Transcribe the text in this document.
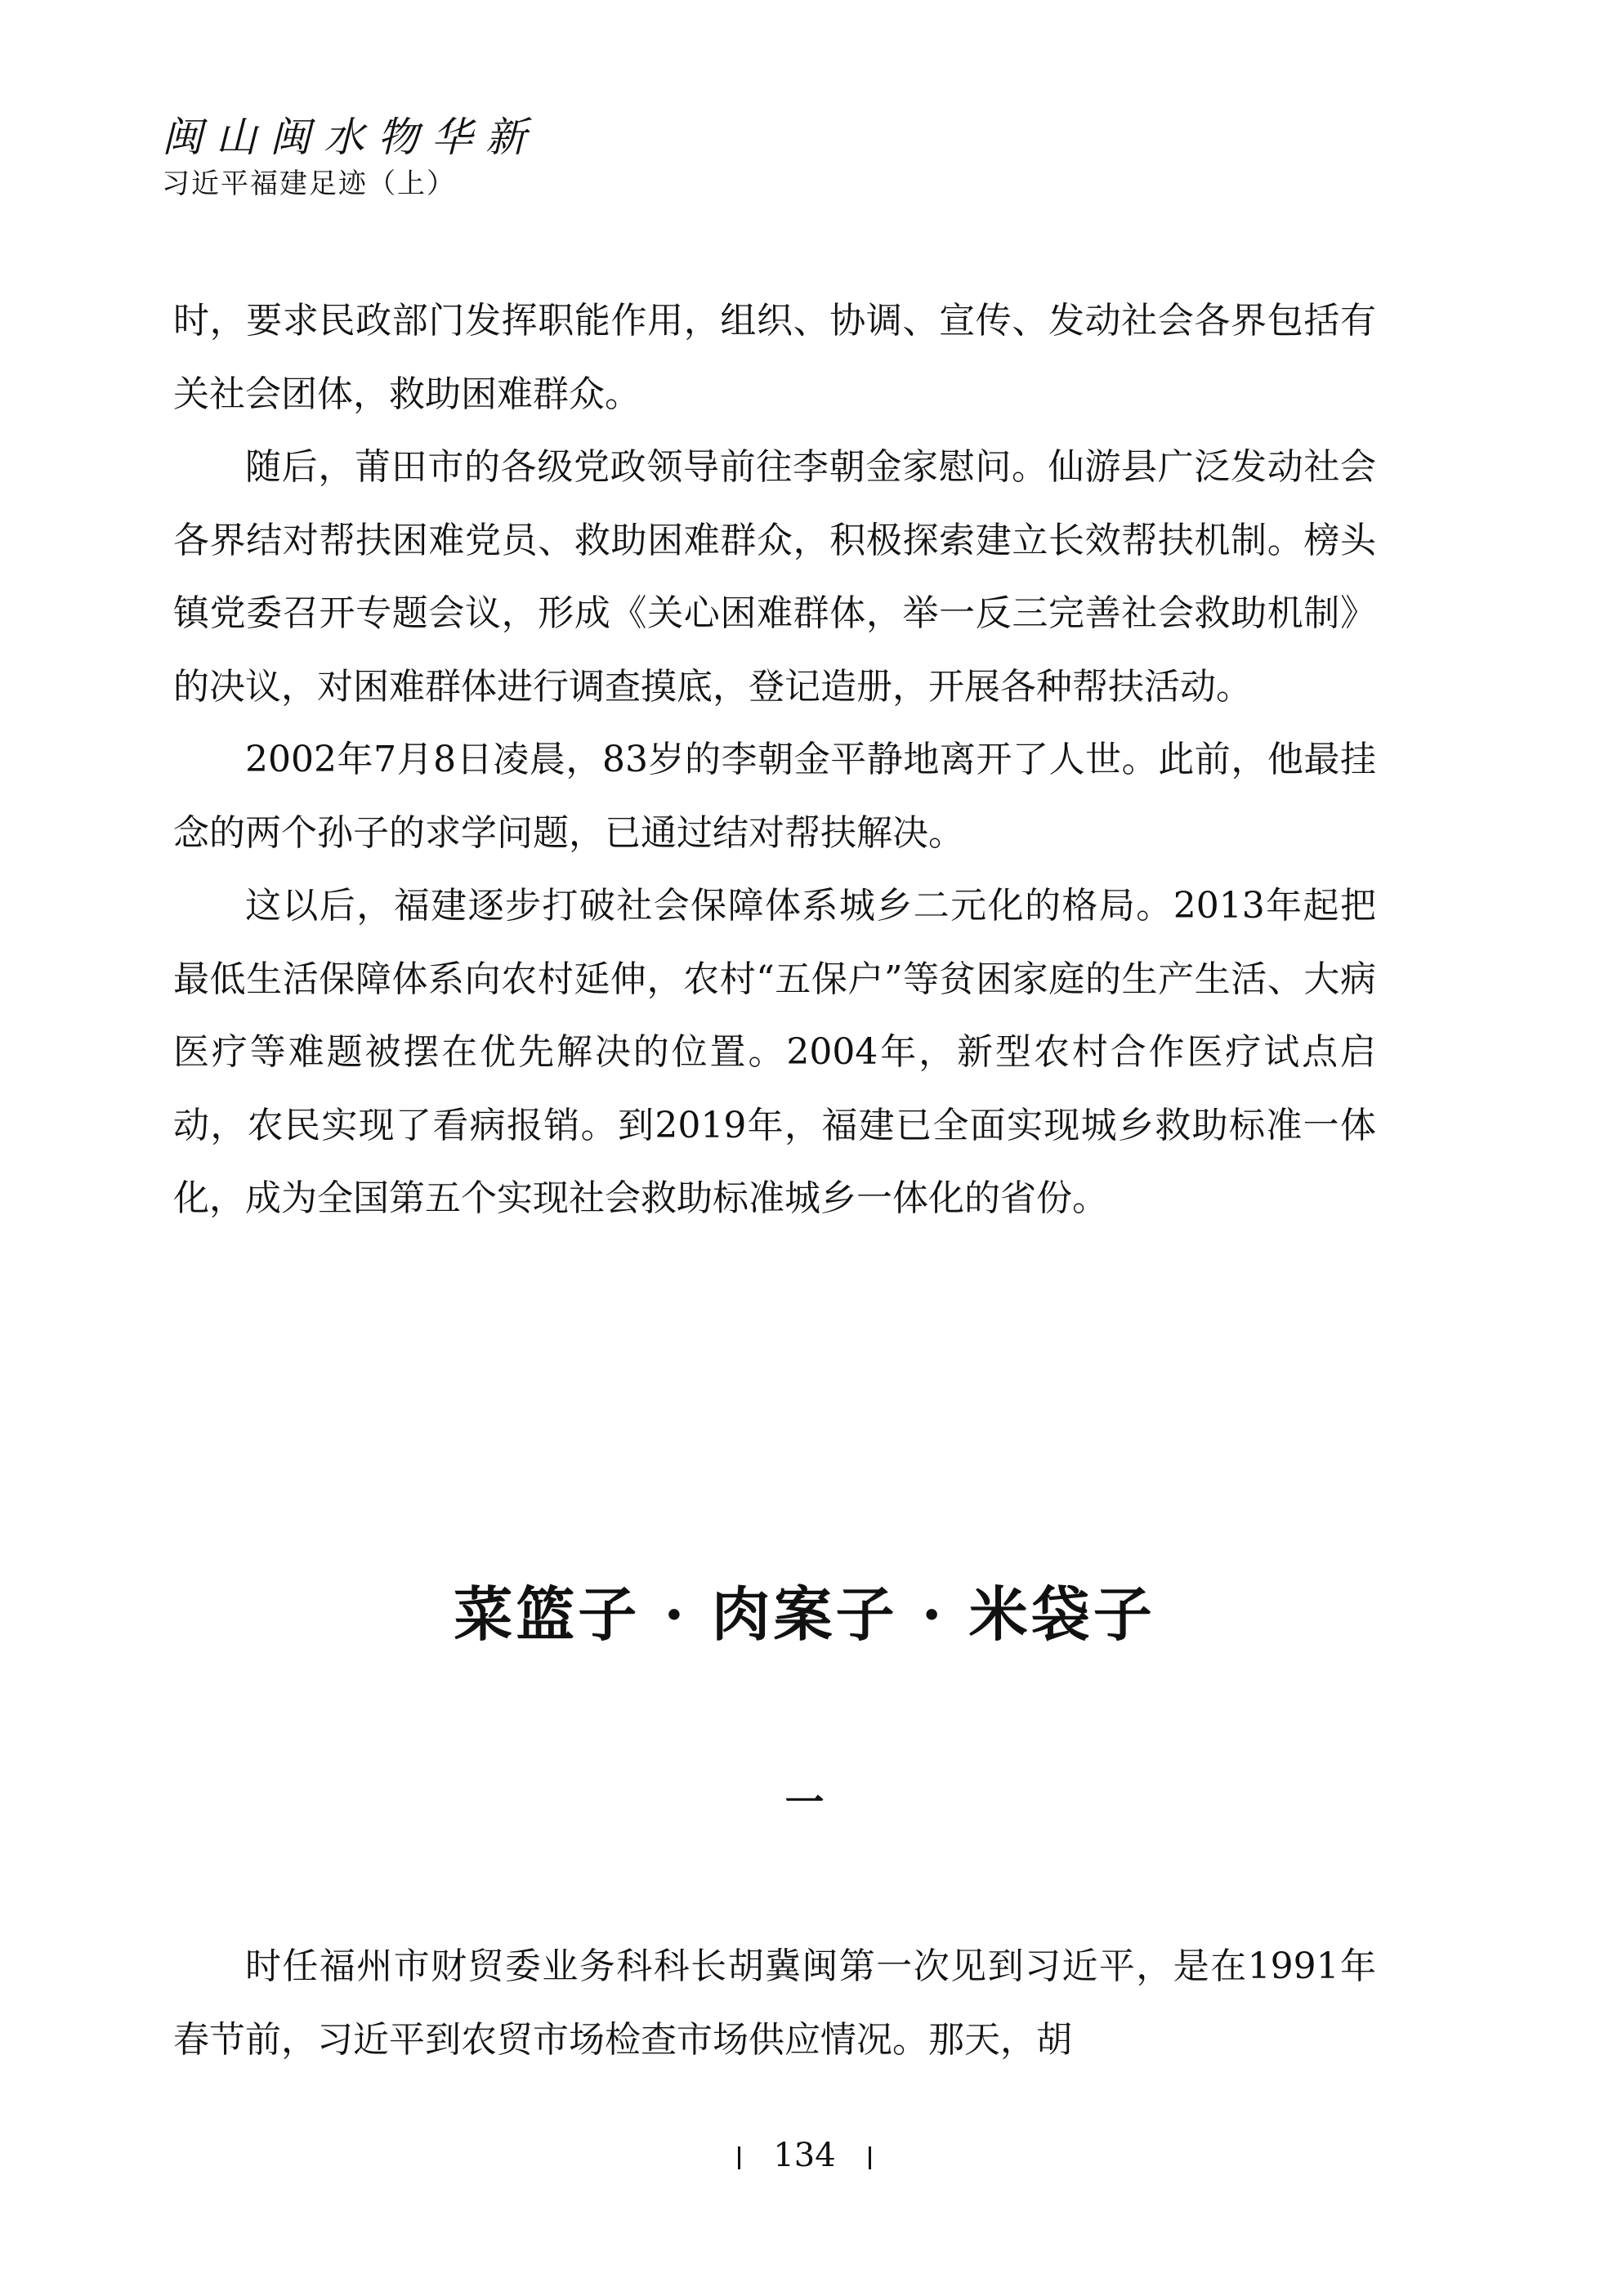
闽山闽水物华新
习近平福建足迹（上）

时，要求民政部门发挥职能作用，组织、协调、宣传、发动社会各界包括有关社会团体，救助困难群众。

随后，莆田市的各级党政领导前往李朝金家慰问。仙游县广泛发动社会各界结对帮扶困难党员、救助困难群众，积极探索建立长效帮扶机制。榜头镇党委召开专题会议，形成《关心困难群体，举一反三完善社会救助机制》的决议，对困难群体进行调查摸底，登记造册，开展各种帮扶活动。

2002年7月8日凌晨，83岁的李朝金平静地离开了人世。此前，他最挂念的两个孙子的求学问题，已通过结对帮扶解决。

这以后，福建逐步打破社会保障体系城乡二元化的格局。2013年起把最低生活保障体系向农村延伸，农村“五保户”等贫困家庭的生产生活、大病医疗等难题被摆在优先解决的位置。2004年，新型农村合作医疗试点启动，农民实现了看病报销。到2019年，福建已全面实现城乡救助标准一体化，成为全国第五个实现社会救助标准城乡一体化的省份。

菜篮子 · 肉案子 · 米袋子
一

时任福州市财贸委业务科科长胡冀闽第一次见到习近平，是在1991年春节前，习近平到农贸市场检查市场供应情况。那天，胡

134
